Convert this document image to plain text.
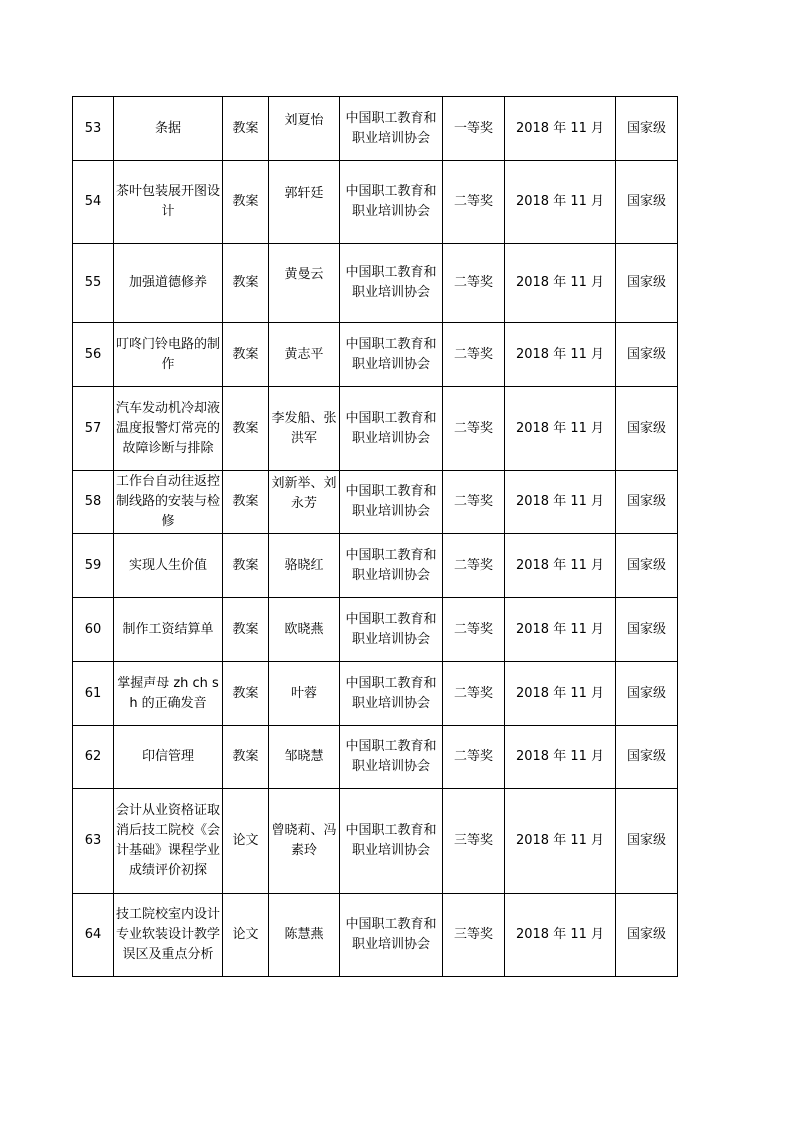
53	条据	教案	刘夏怡	中国职工教育和职业培训协会	一等奖	2018 年 11 月	国家级
54	茶叶包装展开图设计	教案	郭轩廷	中国职工教育和职业培训协会	二等奖	2018 年 11 月	国家级
55	加强道德修养	教案	黄曼云	中国职工教育和职业培训协会	二等奖	2018 年 11 月	国家级
56	叮咚门铃电路的制作	教案	黄志平	中国职工教育和职业培训协会	二等奖	2018 年 11 月	国家级
57	汽车发动机冷却液温度报警灯常亮的故障诊断与排除	教案	李发船、张洪军	中国职工教育和职业培训协会	二等奖	2018 年 11 月	国家级
58	工作台自动往返控制线路的安装与检修	教案	刘新举、刘永芳	中国职工教育和职业培训协会	二等奖	2018 年 11 月	国家级
59	实现人生价值	教案	骆晓红	中国职工教育和职业培训协会	二等奖	2018 年 11 月	国家级
60	制作工资结算单	教案	欧晓燕	中国职工教育和职业培训协会	二等奖	2018 年 11 月	国家级
61	掌握声母 zh ch sh 的正确发音	教案	叶蓉	中国职工教育和职业培训协会	二等奖	2018 年 11 月	国家级
62	印信管理	教案	邹晓慧	中国职工教育和职业培训协会	二等奖	2018 年 11 月	国家级
63	会计从业资格证取消后技工院校《会计基础》课程学业成绩评价初探	论文	曾晓莉、冯素玲	中国职工教育和职业培训协会	三等奖	2018 年 11 月	国家级
64	技工院校室内设计专业软装设计教学误区及重点分析	论文	陈慧燕	中国职工教育和职业培训协会	三等奖	2018 年 11 月	国家级
